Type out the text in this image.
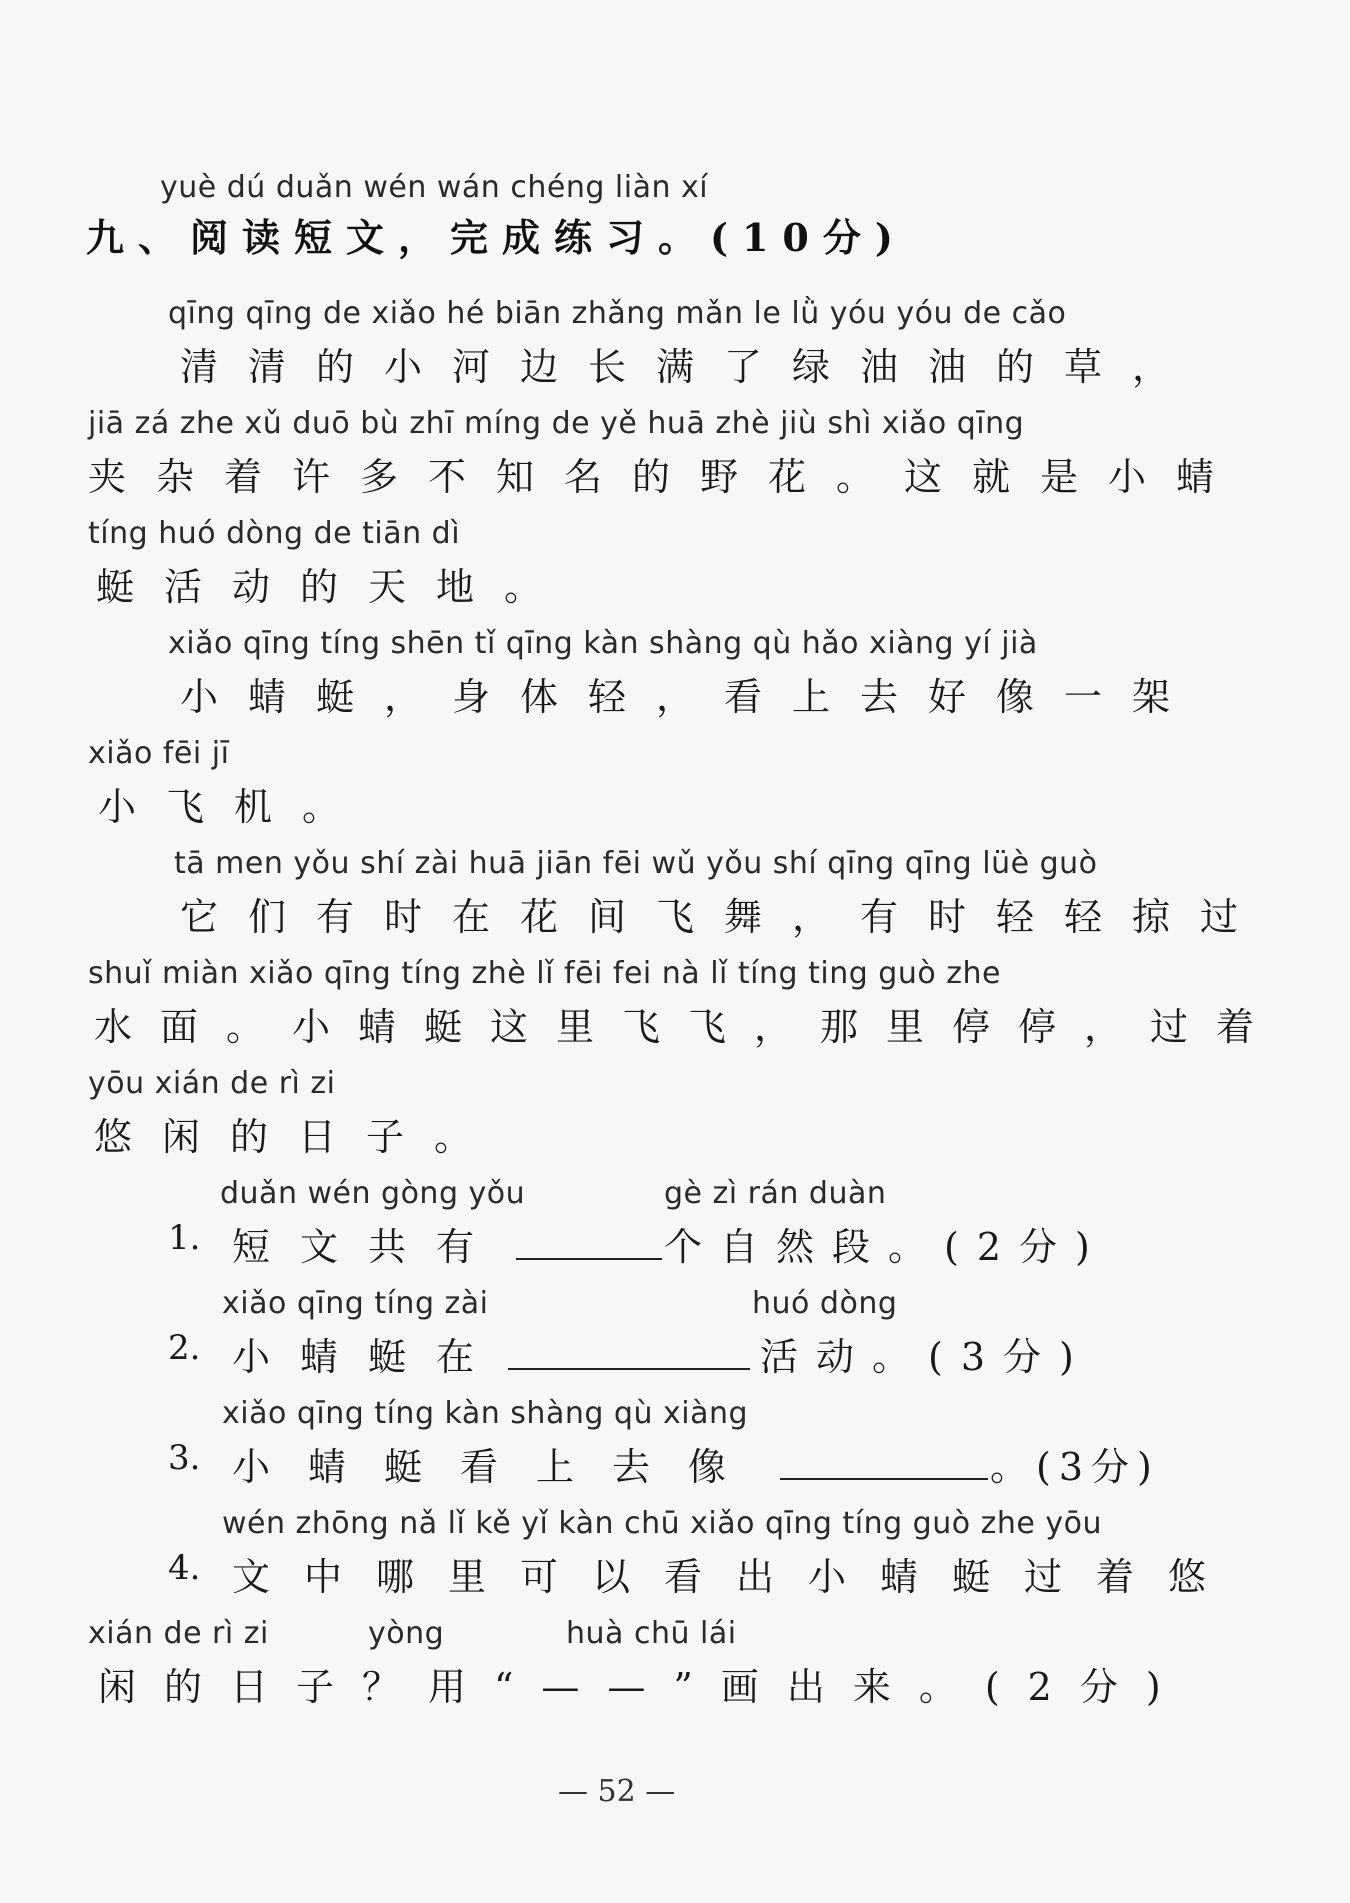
yuè dú duǎn wén wán chéng liàn xí
九、阅读短文，完成练习。(10分)
qīng qīng de xiǎo hé biān zhǎng mǎn le lǜ yóu yóu de cǎo
清清的小河边长满了绿油油的草，
jiā zá zhe xǔ duō bù zhī míng de yě huā zhè jiù shì xiǎo qīng
夹杂着许多不知名的野花。这就是小蜻
tíng huó dòng de tiān dì
蜓活动的天地。
xiǎo qīng tíng shēn tǐ qīng kàn shàng qù hǎo xiàng yí jià
小蜻蜓，身体轻，看上去好像一架
xiǎo fēi jī
小飞机。
tā men yǒu shí zài huā jiān fēi wǔ yǒu shí qīng qīng lüè guò
它们有时在花间飞舞，有时轻轻掠过
shuǐ miàn xiǎo qīng tíng zhè lǐ fēi fei nà lǐ tíng ting guò zhe
水面。小蜻蜓这里飞飞，那里停停，过着
yōu xián de rì zi
悠闲的日子。
duǎn wén gòng yǒu	gè zì rán duàn
1. 短文共有	个自然段。(2分)
xiǎo qīng tíng zài	huó dòng
2. 小蜻蜓在	活动。(3分)
xiǎo qīng tíng kàn shàng qù xiàng
3. 小蜻蜓看上去像	。(3分)
wén zhōng nǎ lǐ kě yǐ kàn chū xiǎo qīng tíng guò zhe yōu
4. 文中哪里可以看出小蜻蜓过着悠
xián de rì zi	yòng	huà chū lái
闲的日子？用“——”画出来。(2分)
— 52 —
